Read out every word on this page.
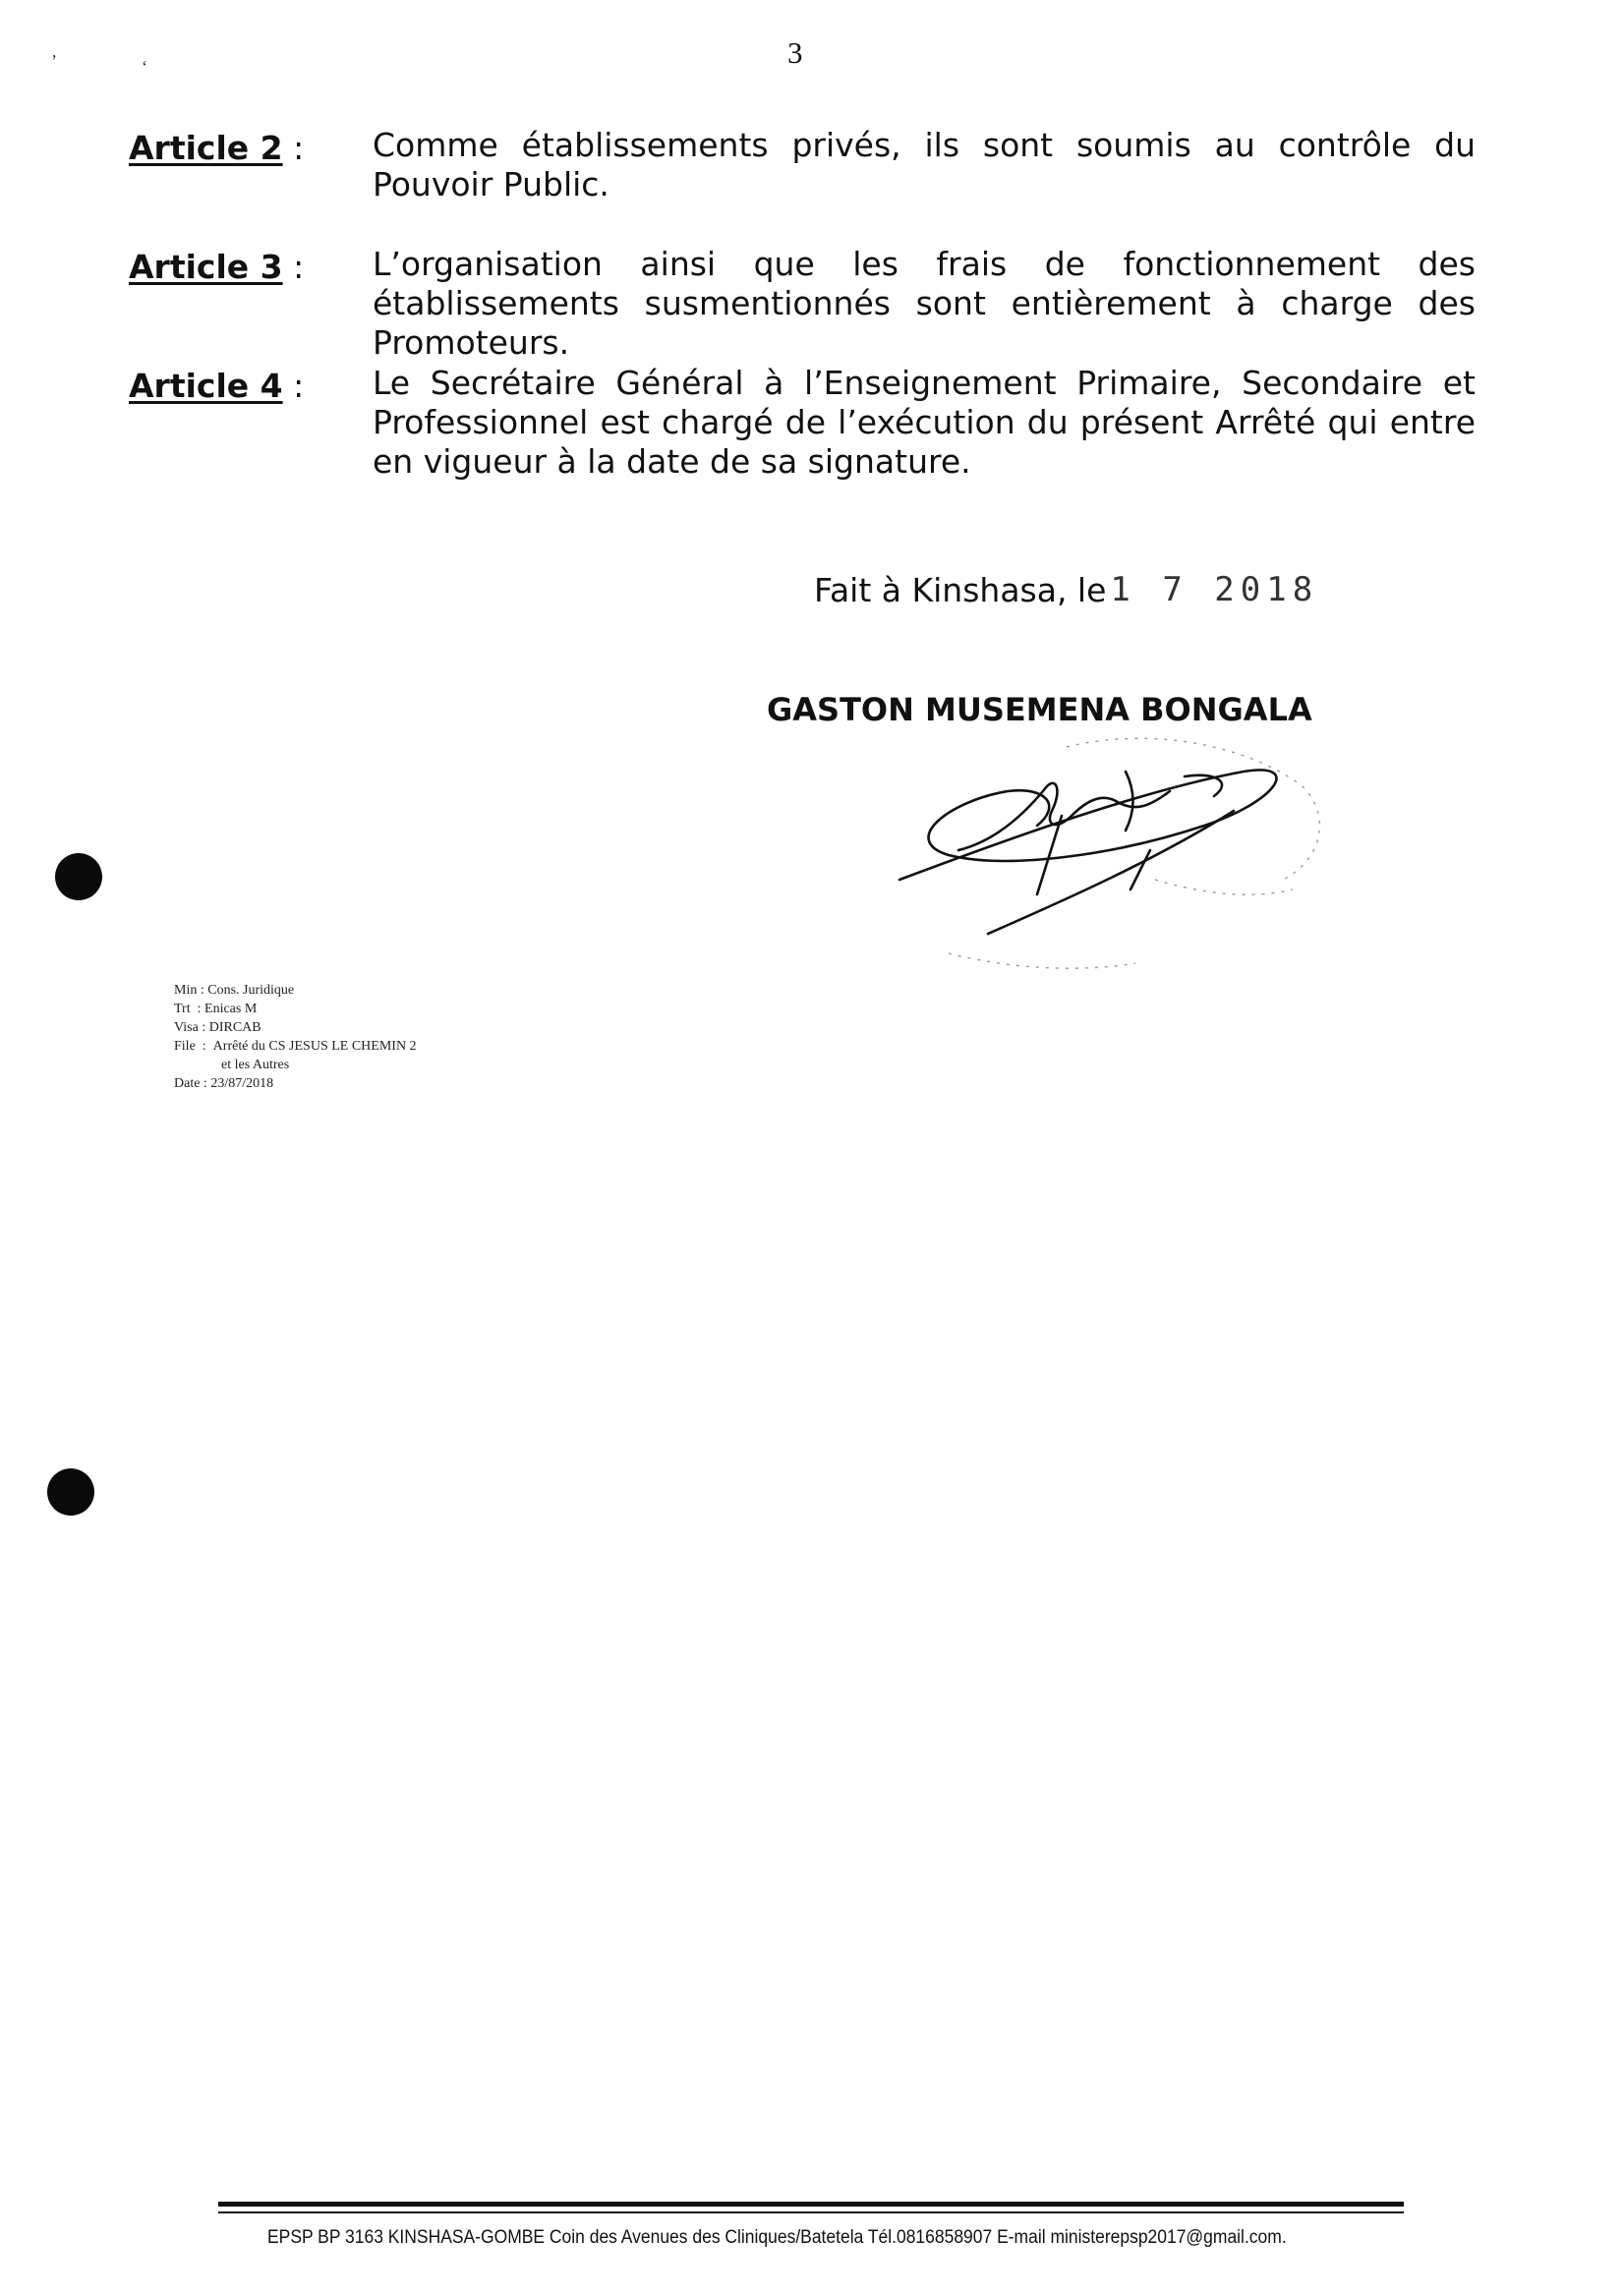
3
’	‘
Article 2 :	Comme établissements privés, ils sont soumis au contrôle du Pouvoir Public.
Article 3 :	L’organisation ainsi que les frais de fonctionnement des établissements susmentionnés sont entièrement à charge des Promoteurs.
Article 4 :	Le Secrétaire Général à l’Enseignement Primaire, Secondaire et Professionnel est chargé de l’exécution du présent Arrêté qui entre en vigueur à la date de sa signature.
Fait à Kinshasa, le 1 7 2018
GASTON MUSEMENA BONGALA
Min : Cons. Juridique
Trt  : Enicas M
Visa : DIRCAB
File  : Arrêté du CS JESUS LE CHEMIN 2
et les Autres
Date : 23/87/2018
EPSP BP 3163 KINSHASA-GOMBE Coin des Avenues des Cliniques/Batetela Tél.0816858907 E-mail ministerepsp2017@gmail.com.
